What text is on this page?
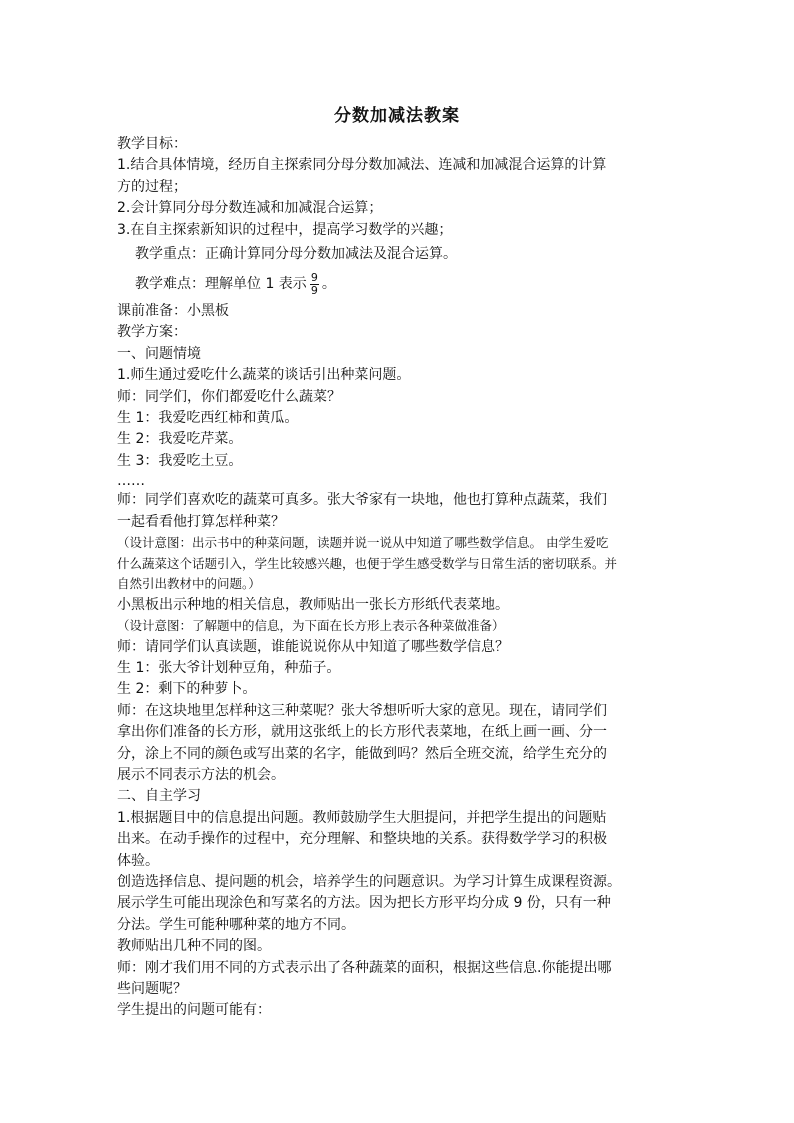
分数加减法教案
教学目标：
1.结合具体情境，经历自主探索同分母分数加减法、连减和加减混合运算的计算
方的过程；
2.会计算同分母分数连减和加减混合运算；
3.在自主探索新知识的过程中，提高学习数学的兴趣；
教学重点：正确计算同分母分数加减法及混合运算。
教学难点：理解单位 1 表示 $\frac{9}{9}$ 。
课前准备：小黑板
教学方案：
一、问题情境
1.师生通过爱吃什么蔬菜的谈话引出种菜问题。
师：同学们，你们都爱吃什么蔬菜？
生 1：我爱吃西红柿和黄瓜。
生 2：我爱吃芹菜。
生 3：我爱吃土豆。
……
师：同学们喜欢吃的蔬菜可真多。张大爷家有一块地，他也打算种点蔬菜，我们
一起看看他打算怎样种菜？
（设计意图：出示书中的种菜问题，读题并说一说从中知道了哪些数学信息。 由学生爱吃
什么蔬菜这个话题引入，学生比较感兴趣，也便于学生感受数学与日常生活的密切联系。并
自然引出教材中的问题。）
小黑板出示种地的相关信息，教师贴出一张长方形纸代表菜地。
（设计意图：了解题中的信息，为下面在长方形上表示各种菜做准备）
师：请同学们认真读题，谁能说说你从中知道了哪些数学信息？
生 1：张大爷计划种豆角，种茄子。
生 2：剩下的种萝卜。
师：在这块地里怎样种这三种菜呢？张大爷想听听大家的意见。现在，请同学们
拿出你们准备的长方形，就用这张纸上的长方形代表菜地，在纸上画一画、分一
分，涂上不同的颜色或写出菜的名字，能做到吗？然后全班交流，给学生充分的
展示不同表示方法的机会。
二、自主学习
1.根据题目中的信息提出问题。教师鼓励学生大胆提问，并把学生提出的问题贴
出来。在动手操作的过程中，充分理解、和整块地的关系。获得数学学习的积极
体验。
创造选择信息、提问题的机会，培养学生的问题意识。为学习计算生成课程资源。
展示学生可能出现涂色和写菜名的方法。因为把长方形平均分成 9 份，只有一种
分法。学生可能种哪种菜的地方不同。
教师贴出几种不同的图。
师：刚才我们用不同的方式表示出了各种蔬菜的面积，根据这些信息.你能提出哪
些问题呢？
学生提出的问题可能有：
